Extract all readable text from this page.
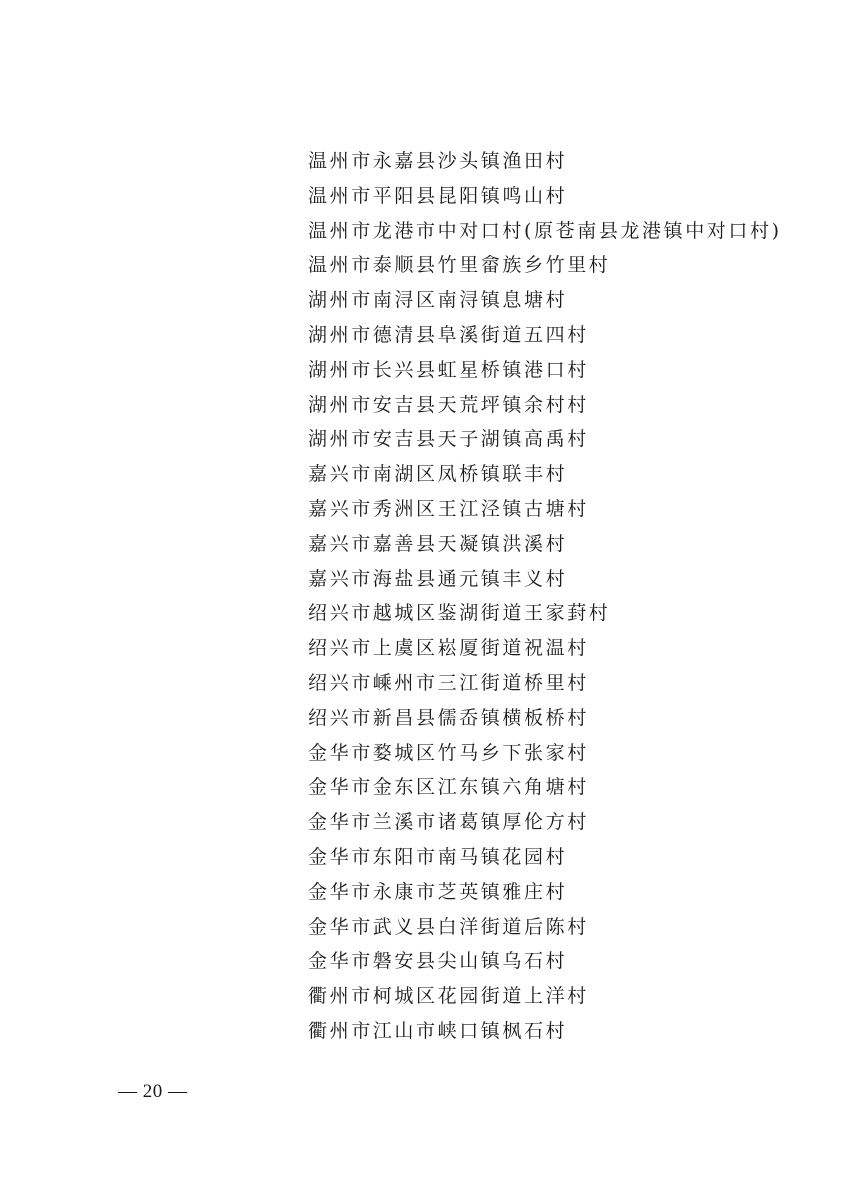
温州市永嘉县沙头镇渔田村
温州市平阳县昆阳镇鸣山村
温州市龙港市中对口村(原苍南县龙港镇中对口村)
温州市泰顺县竹里畲族乡竹里村
湖州市南浔区南浔镇息塘村
湖州市德清县阜溪街道五四村
湖州市长兴县虹星桥镇港口村
湖州市安吉县天荒坪镇余村村
湖州市安吉县天子湖镇高禹村
嘉兴市南湖区凤桥镇联丰村
嘉兴市秀洲区王江泾镇古塘村
嘉兴市嘉善县天凝镇洪溪村
嘉兴市海盐县通元镇丰义村
绍兴市越城区鉴湖街道王家葑村
绍兴市上虞区崧厦街道祝温村
绍兴市嵊州市三江街道桥里村
绍兴市新昌县儒岙镇横板桥村
金华市婺城区竹马乡下张家村
金华市金东区江东镇六角塘村
金华市兰溪市诸葛镇厚伦方村
金华市东阳市南马镇花园村
金华市永康市芝英镇雅庄村
金华市武义县白洋街道后陈村
金华市磐安县尖山镇乌石村
衢州市柯城区花园街道上洋村
衢州市江山市峡口镇枫石村
— 20 —
